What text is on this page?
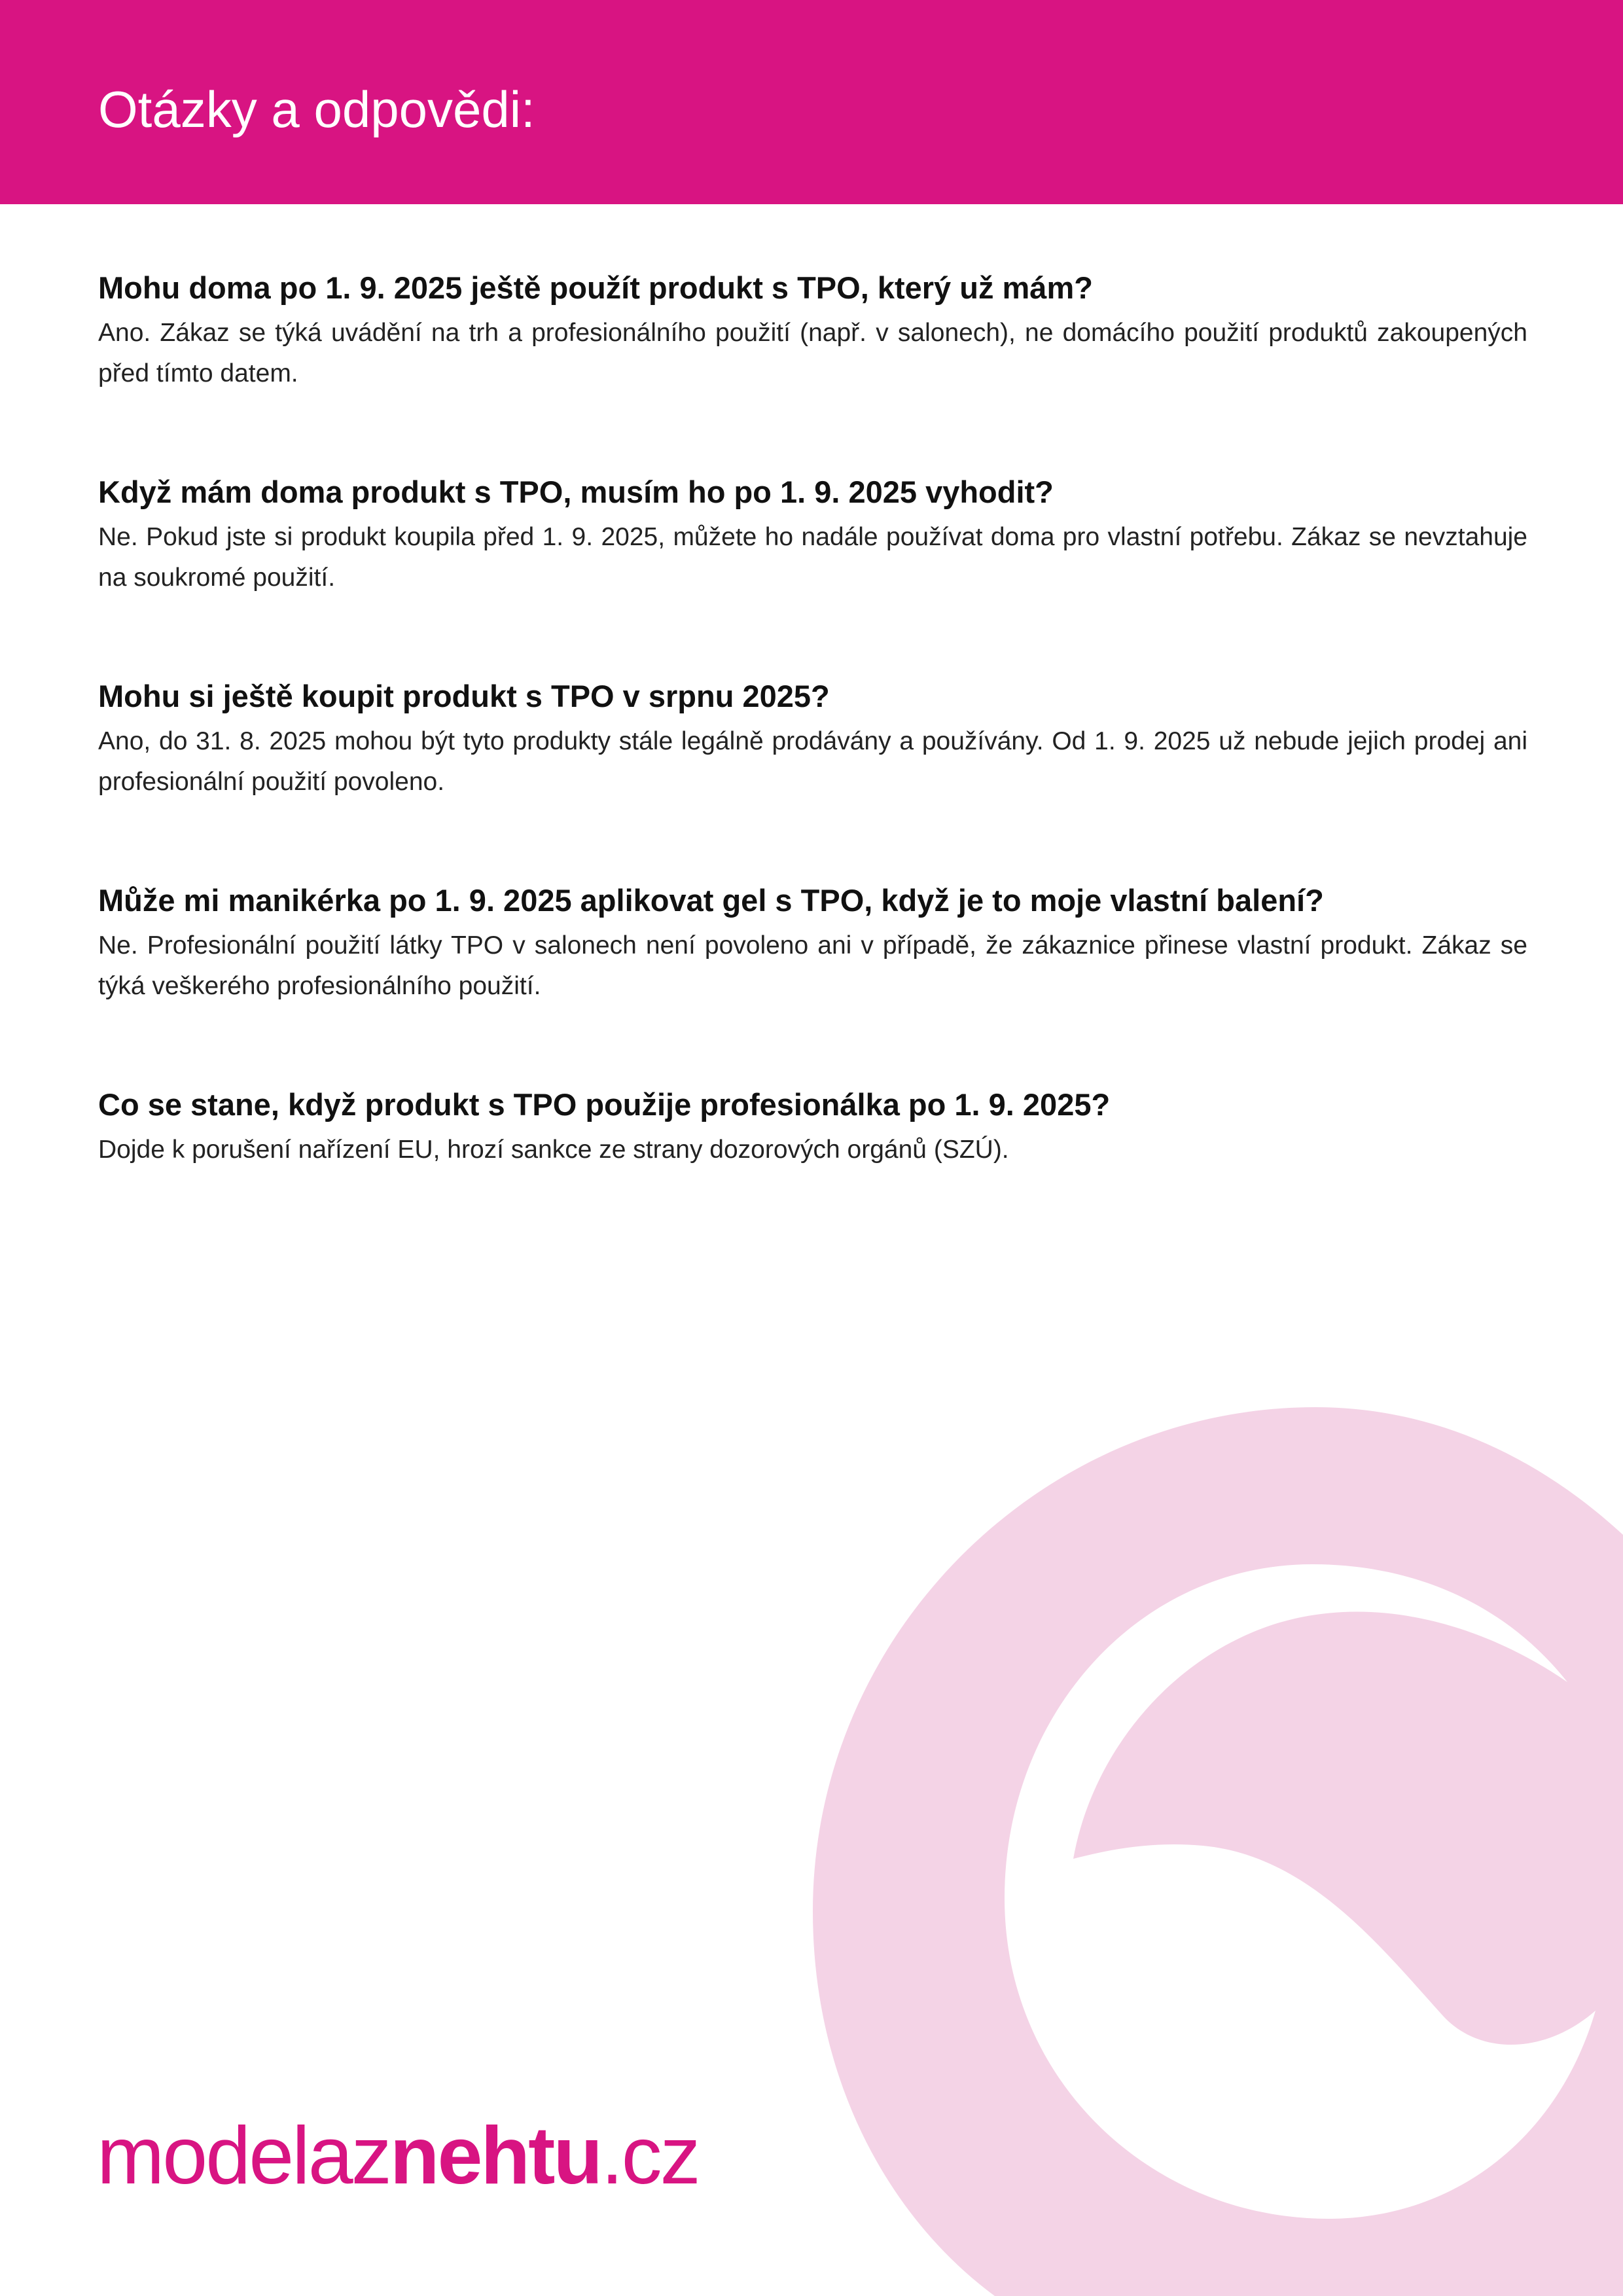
Otázky a odpovědi:

Mohu doma po 1. 9. 2025 ještě použít produkt s TPO, který už mám?

Ano. Zákaz se týká uvádění na trh a profesionálního použití (např. v salonech), ne domácího použití produktů zakoupených před tímto datem.

Když mám doma produkt s TPO, musím ho po 1. 9. 2025 vyhodit?

Ne. Pokud jste si produkt koupila před 1. 9. 2025, můžete ho nadále používat doma pro vlastní potřebu. Zákaz se nevztahuje na soukromé použití.

Mohu si ještě koupit produkt s TPO v srpnu 2025?

Ano, do 31. 8. 2025 mohou být tyto produkty stále legálně prodávány a používány. Od 1. 9. 2025 už nebude jejich prodej ani profesionální použití povoleno.

Může mi manikérka po 1. 9. 2025 aplikovat gel s TPO, když je to moje vlastní balení?

Ne. Profesionální použití látky TPO v salonech není povoleno ani v případě, že zákaznice přinese vlastní produkt. Zákaz se týká veškerého profesionálního použití.

Co se stane, když produkt s TPO použije profesionálka po 1. 9. 2025?

Dojde k porušení nařízení EU, hrozí sankce ze strany dozorových orgánů (SZÚ).

modelaznehtu.cz
